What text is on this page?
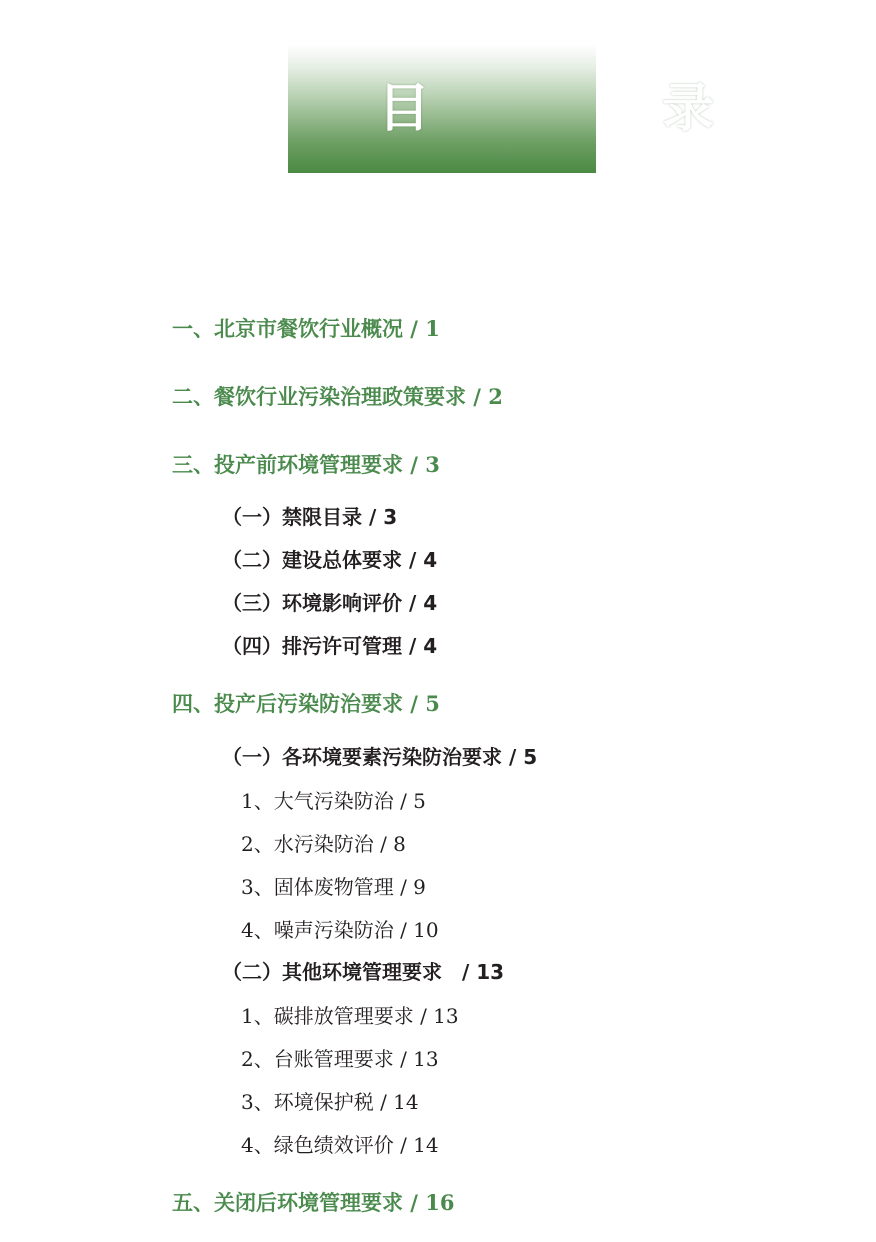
目　录
一、北京市餐饮行业概况 / 1
二、餐饮行业污染治理政策要求 / 2
三、投产前环境管理要求 / 3
（一）禁限目录 / 3
（二）建设总体要求 / 4
（三）环境影响评价 / 4
（四）排污许可管理 / 4
四、投产后污染防治要求 / 5
（一）各环境要素污染防治要求 / 5
1、大气污染防治 / 5
2、水污染防治 / 8
3、固体废物管理 / 9
4、噪声污染防治 / 10
（二）其他环境管理要求　/ 13
1、碳排放管理要求 / 13
2、台账管理要求 / 13
3、环境保护税 / 14
4、绿色绩效评价 / 14
五、关闭后环境管理要求 / 16
